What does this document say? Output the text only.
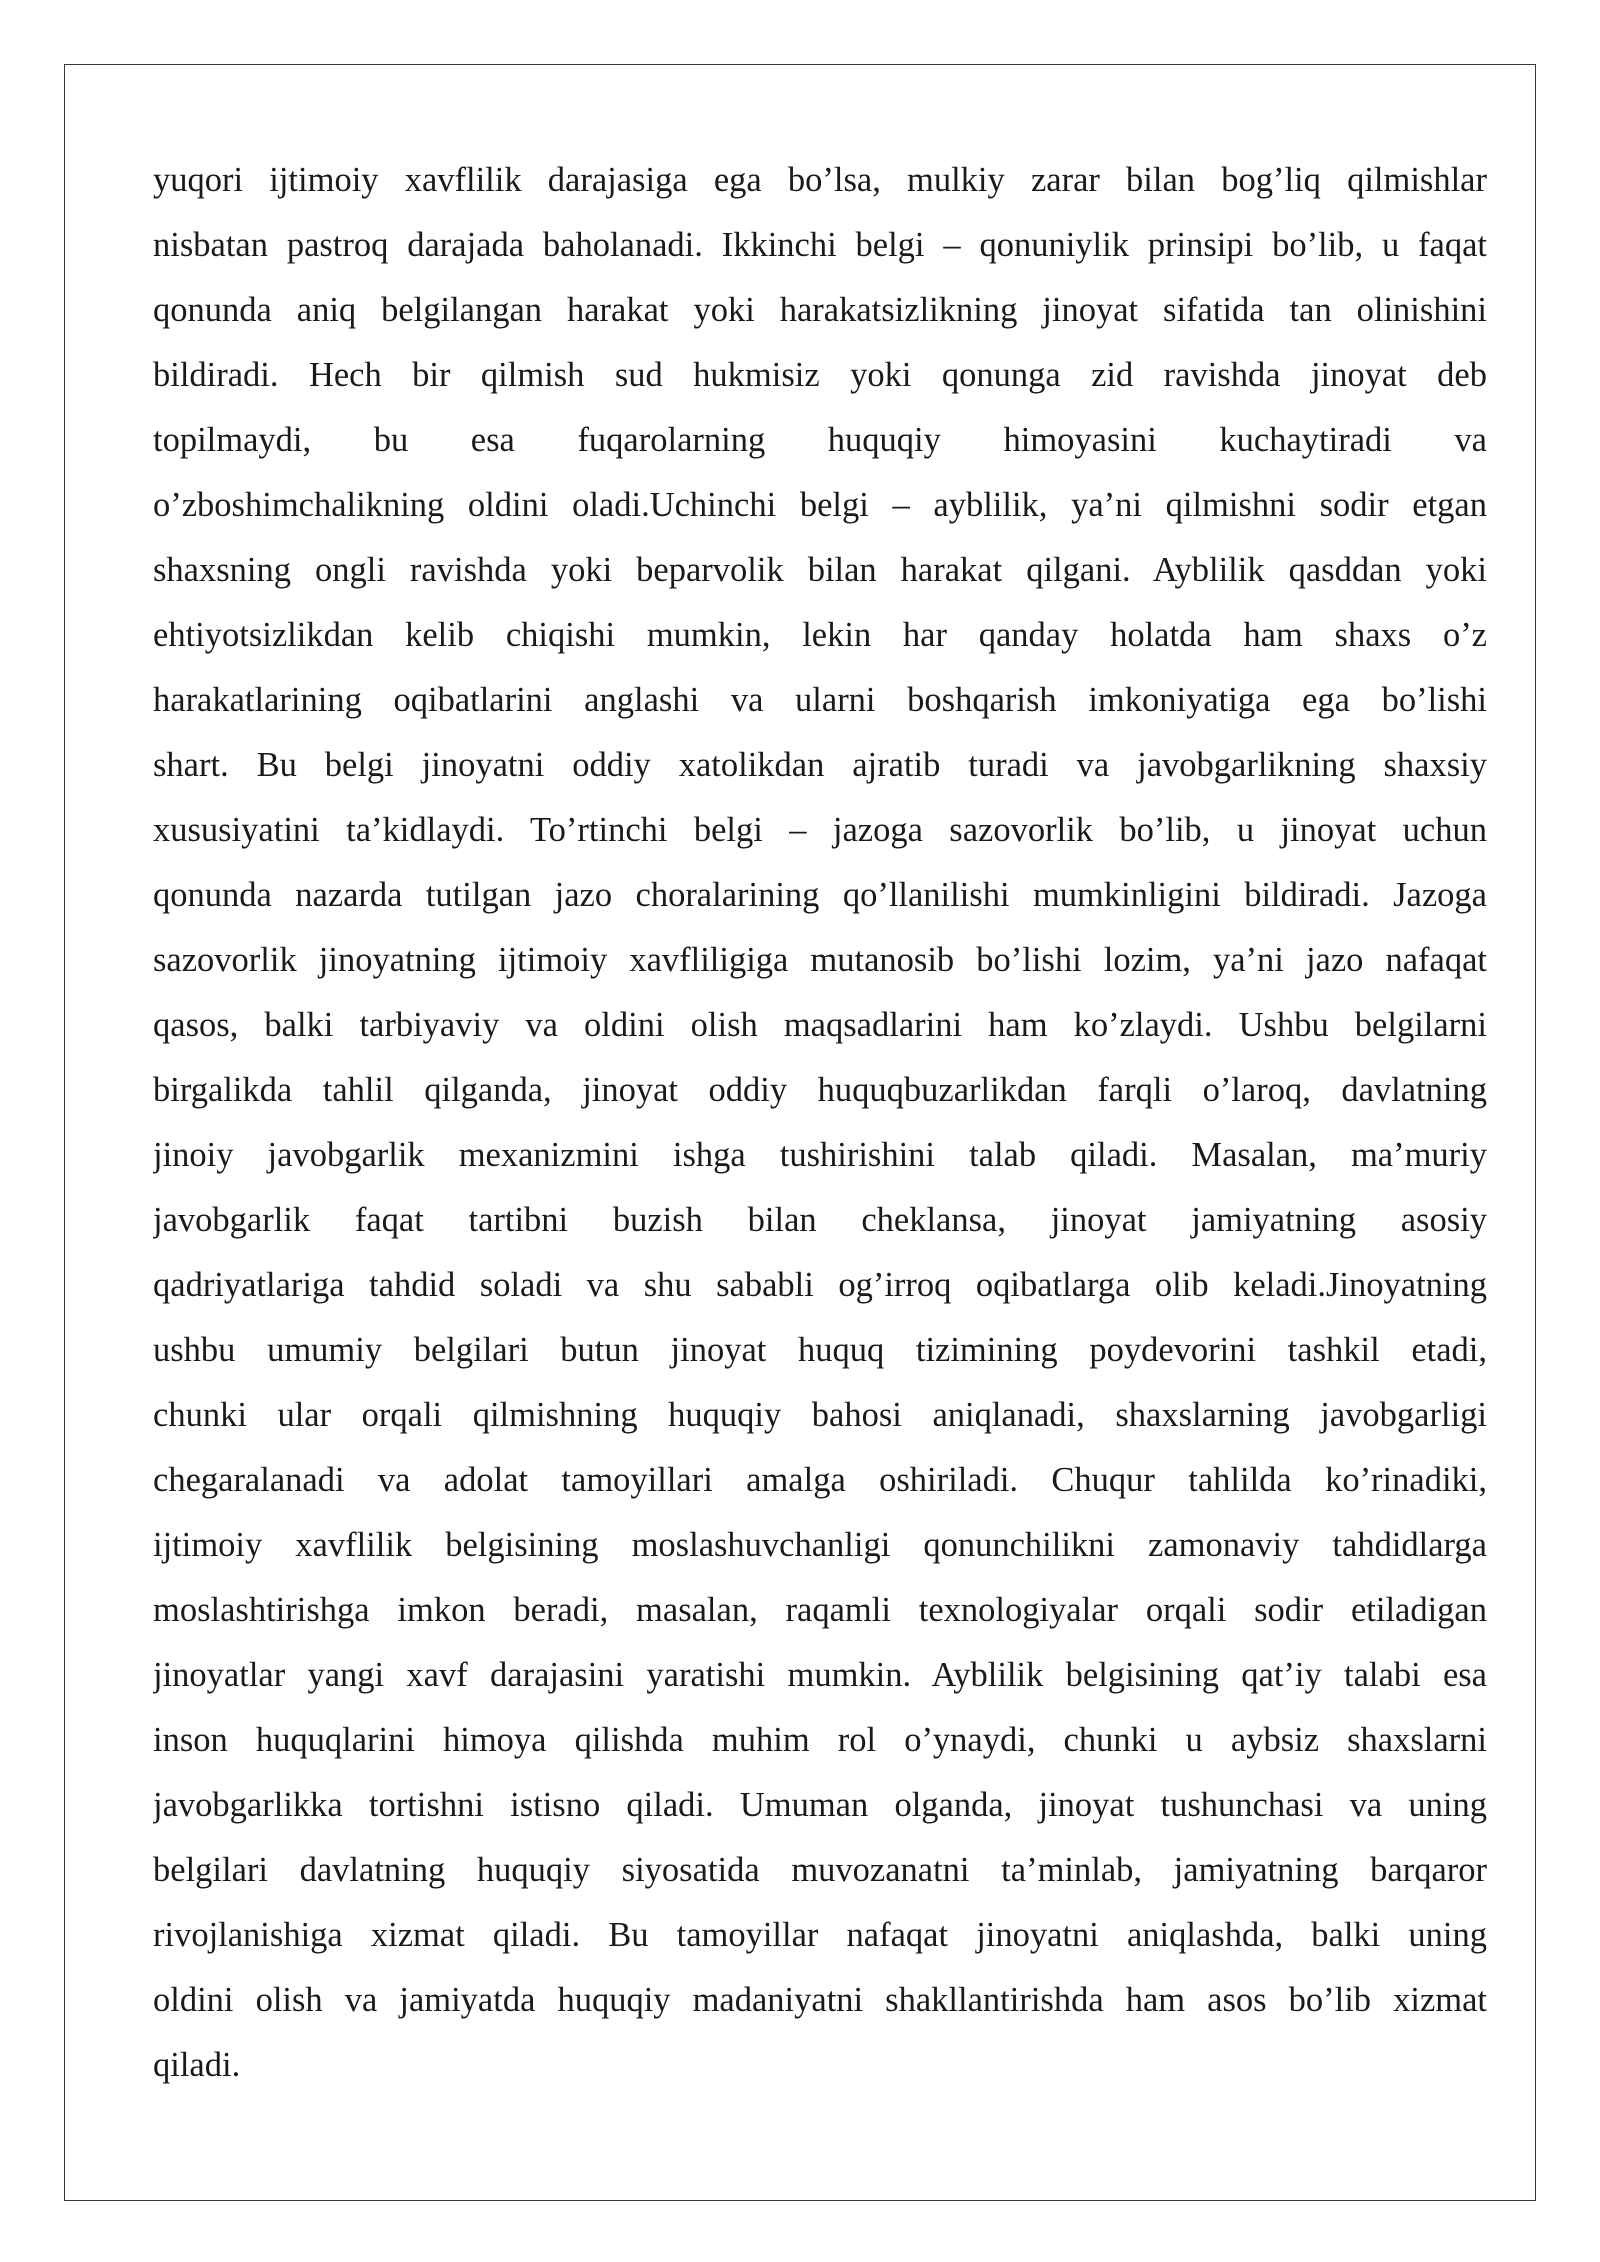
yuqori ijtimoiy xavflilik darajasiga ega bo’lsa, mulkiy zarar bilan bog’liq qilmishlar
nisbatan pastroq darajada baholanadi. Ikkinchi belgi – qonuniylik prinsipi bo’lib, u faqat
qonunda aniq belgilangan harakat yoki harakatsizlikning jinoyat sifatida tan olinishini
bildiradi. Hech bir qilmish sud hukmisiz yoki qonunga zid ravishda jinoyat deb
topilmaydi, bu esa fuqarolarning huquqiy himoyasini kuchaytiradi va
o’zboshimchalikning oldini oladi.Uchinchi belgi – ayblilik, ya’ni qilmishni sodir etgan
shaxsning ongli ravishda yoki beparvolik bilan harakat qilgani. Ayblilik qasddan yoki
ehtiyotsizlikdan kelib chiqishi mumkin, lekin har qanday holatda ham shaxs o’z
harakatlarining oqibatlarini anglashi va ularni boshqarish imkoniyatiga ega bo’lishi
shart. Bu belgi jinoyatni oddiy xatolikdan ajratib turadi va javobgarlikning shaxsiy
xususiyatini ta’kidlaydi. To’rtinchi belgi – jazoga sazovorlik bo’lib, u jinoyat uchun
qonunda nazarda tutilgan jazo choralarining qo’llanilishi mumkinligini bildiradi. Jazoga
sazovorlik jinoyatning ijtimoiy xavfliligiga mutanosib bo’lishi lozim, ya’ni jazo nafaqat
qasos, balki tarbiyaviy va oldini olish maqsadlarini ham ko’zlaydi. Ushbu belgilarni
birgalikda tahlil qilganda, jinoyat oddiy huquqbuzarlikdan farqli o’laroq, davlatning
jinoiy javobgarlik mexanizmini ishga tushirishini talab qiladi. Masalan, ma’muriy
javobgarlik faqat tartibni buzish bilan cheklansa, jinoyat jamiyatning asosiy
qadriyatlariga tahdid soladi va shu sababli og’irroq oqibatlarga olib keladi.Jinoyatning
ushbu umumiy belgilari butun jinoyat huquq tizimining poydevorini tashkil etadi,
chunki ular orqali qilmishning huquqiy bahosi aniqlanadi, shaxslarning javobgarligi
chegaralanadi va adolat tamoyillari amalga oshiriladi. Chuqur tahlilda ko’rinadiki,
ijtimoiy xavflilik belgisining moslashuvchanligi qonunchilikni zamonaviy tahdidlarga
moslashtirishga imkon beradi, masalan, raqamli texnologiyalar orqali sodir etiladigan
jinoyatlar yangi xavf darajasini yaratishi mumkin. Ayblilik belgisining qat’iy talabi esa
inson huquqlarini himoya qilishda muhim rol o’ynaydi, chunki u aybsiz shaxslarni
javobgarlikka tortishni istisno qiladi. Umuman olganda, jinoyat tushunchasi va uning
belgilari davlatning huquqiy siyosatida muvozanatni ta’minlab, jamiyatning barqaror
rivojlanishiga xizmat qiladi. Bu tamoyillar nafaqat jinoyatni aniqlashda, balki uning
oldini olish va jamiyatda huquqiy madaniyatni shakllantirishda ham asos bo’lib xizmat
qiladi.
